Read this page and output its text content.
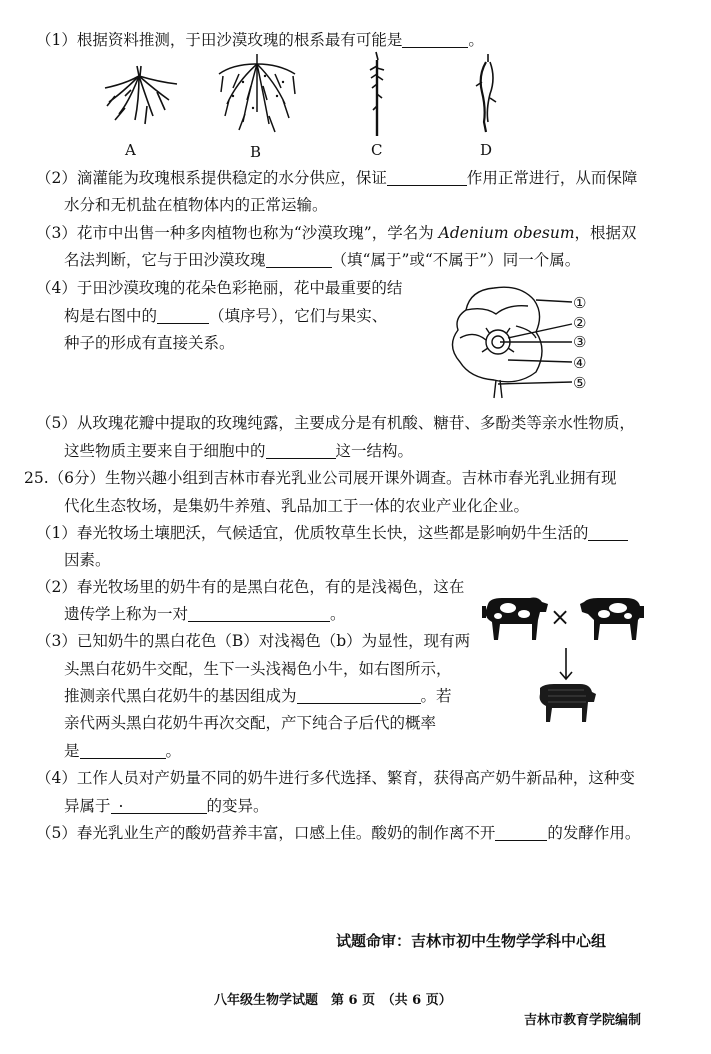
（1）根据资料推测，于田沙漠玫瑰的根系最有可能是	。
A	B	C	D
（2）滴灌能为玫瑰根系提供稳定的水分供应，保证	作用正常进行，从而保障
水分和无机盐在植物体内的正常运输。
（3）花市中出售一种多肉植物也称为“沙漠玫瑰”，学名为 Adenium obesum，根据双
名法判断，它与于田沙漠玫瑰	（填“属于”或“不属于”）同一个属。
（4）于田沙漠玫瑰的花朵色彩艳丽，花中最重要的结
构是右图中的	（填序号），它们与果实、
种子的形成有直接关系。
①
②
③
④
⑤
（5）从玫瑰花瓣中提取的玫瑰纯露，主要成分是有机酸、糖苷、多酚类等亲水性物质，
这些物质主要来自于细胞中的	这一结构。
25.（6分）生物兴趣小组到吉林市春光乳业公司展开课外调查。吉林市春光乳业拥有现
代化生态牧场，是集奶牛养殖、乳品加工于一体的农业产业化企业。
（1）春光牧场土壤肥沃，气候适宜，优质牧草生长快，这些都是影响奶牛生活的
因素。
（2）春光牧场里的奶牛有的是黑白花色，有的是浅褐色，这在
遗传学上称为一对	。
（3）已知奶牛的黑白花色（B）对浅褐色（b）为显性，现有两
头黑白花奶牛交配，生下一头浅褐色小牛，如右图所示，
推测亲代黑白花奶牛的基因组成为	。若
亲代两头黑白花奶牛再次交配，产下纯合子后代的概率
是	。
×
（4）工作人员对产奶量不同的奶牛进行多代选择、繁育，获得高产奶牛新品种，这种变
异属于 .	的变异。
（5）春光乳业生产的酸奶营养丰富，口感上佳。酸奶的制作离不开	的发酵作用。
试题命审：吉林市初中生物学学科中心组
八年级生物学试题　第 6 页　（共 6 页）
吉林市教育学院编制
